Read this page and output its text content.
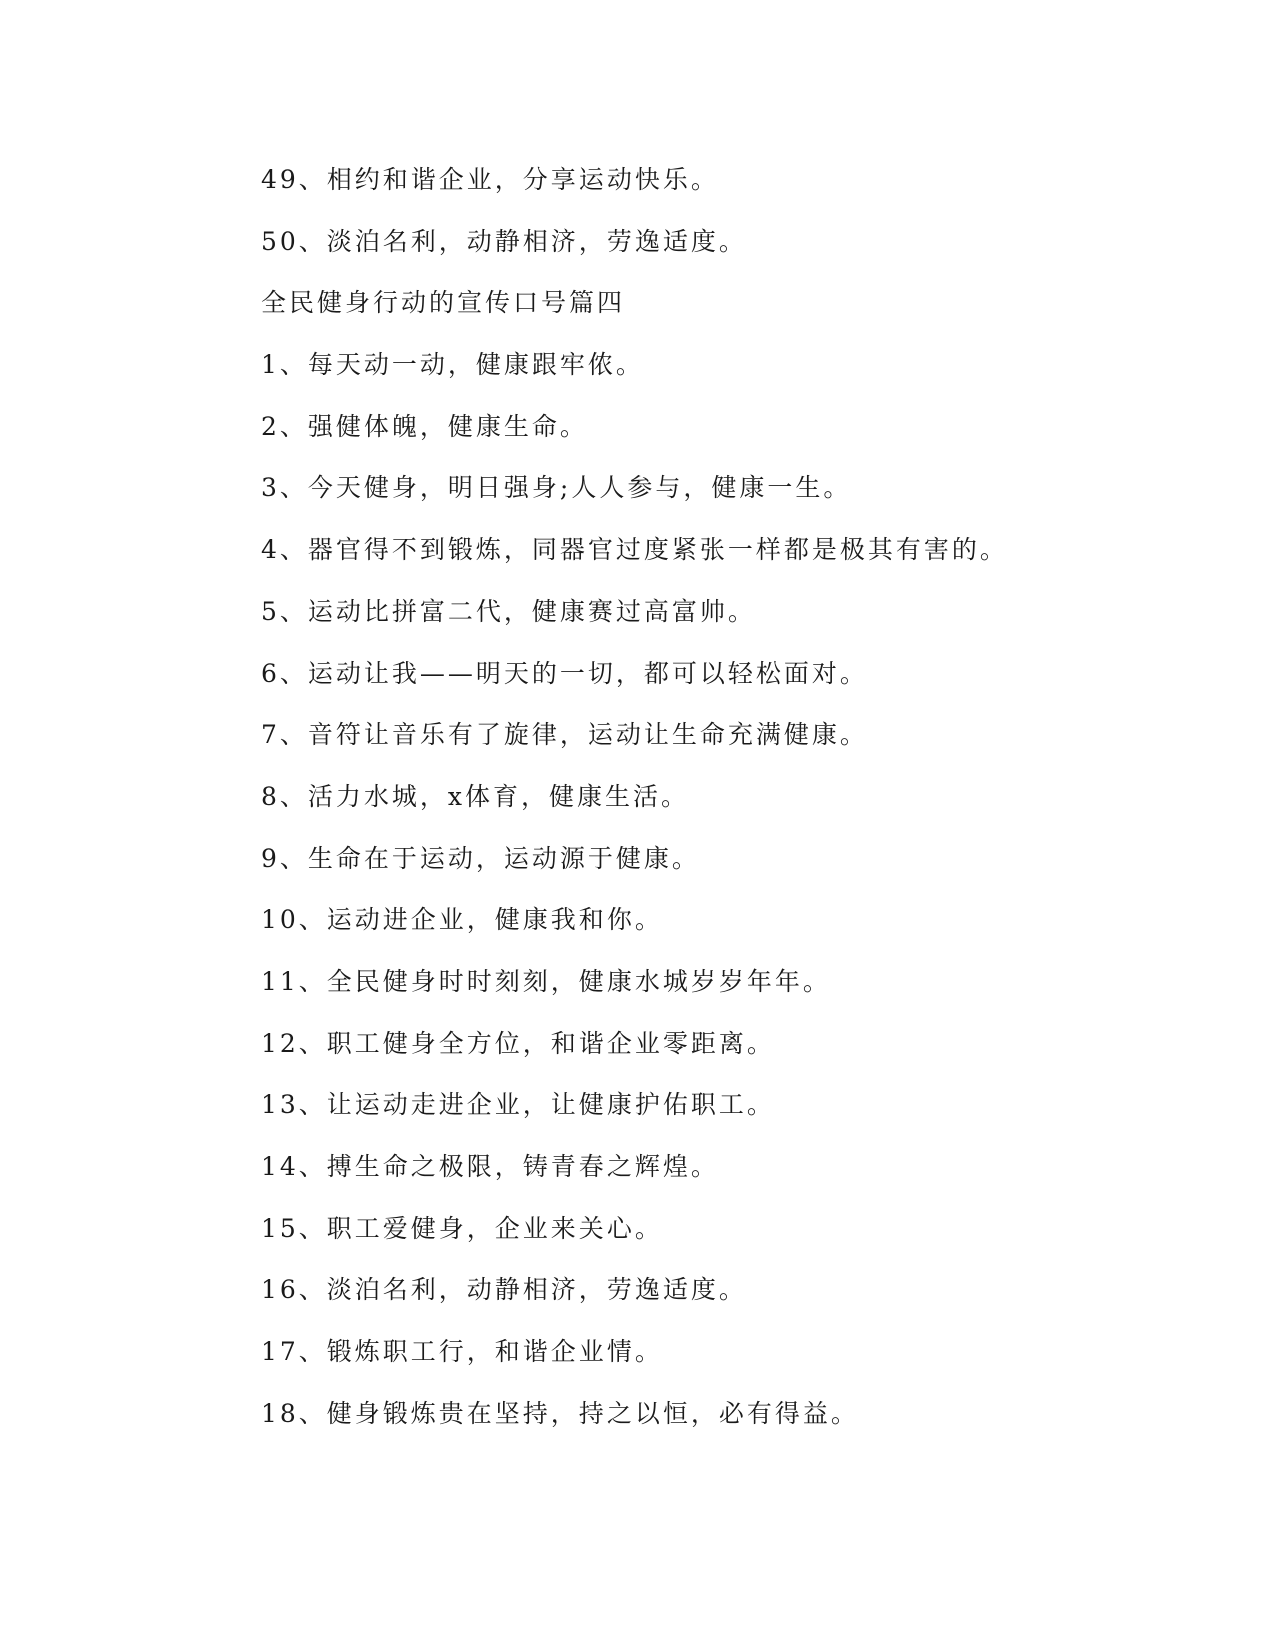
49、相约和谐企业，分享运动快乐。
50、淡泊名利，动静相济，劳逸适度。
全民健身行动的宣传口号篇四
1、每天动一动，健康跟牢侬。
2、强健体魄，健康生命。
3、今天健身，明日强身;人人参与，健康一生。
4、器官得不到锻炼，同器官过度紧张一样都是极其有害的。
5、运动比拼富二代，健康赛过高富帅。
6、运动让我——明天的一切，都可以轻松面对。
7、音符让音乐有了旋律，运动让生命充满健康。
8、活力水城，x体育，健康生活。
9、生命在于运动，运动源于健康。
10、运动进企业，健康我和你。
11、全民健身时时刻刻，健康水城岁岁年年。
12、职工健身全方位，和谐企业零距离。
13、让运动走进企业，让健康护佑职工。
14、搏生命之极限，铸青春之辉煌。
15、职工爱健身，企业来关心。
16、淡泊名利，动静相济，劳逸适度。
17、锻炼职工行，和谐企业情。
18、健身锻炼贵在坚持，持之以恒，必有得益。
